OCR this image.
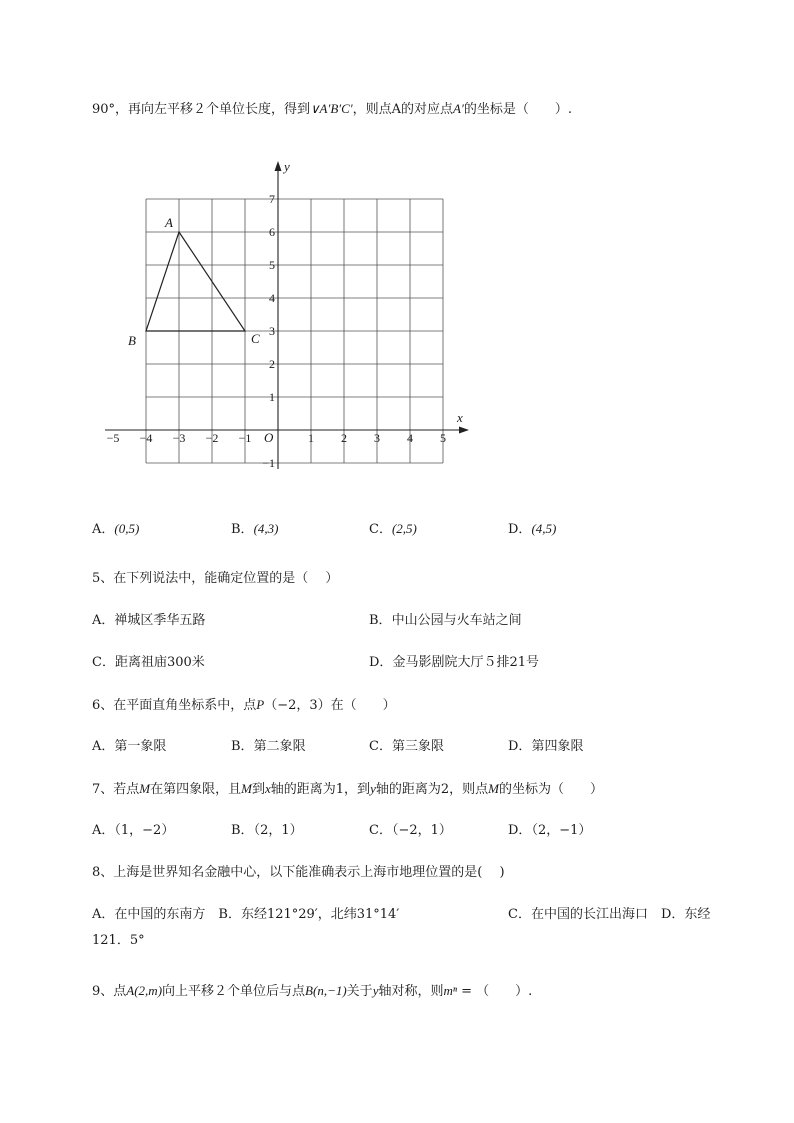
90°，再向左平移２个单位长度，得到∨A′B′C′，则点A的对应点A′的坐标是（　　）.
−5 −4 −3 −2 −1	1 2 3 4 5
7
6
5
4
3
2
1
−1
x
y
O
A
B	C
A．(0,5)	B．(4,3)	C．(2,5)	D．(4,5)
5、在下列说法中，能确定位置的是（　 ）
A．禅城区季华五路	B．中山公园与火车站之间
C．距离祖庙300米	D．金马影剧院大厅５排21号
6、在平面直角坐标系中，点P（−2，3）在（　　）
A．第一象限	B．第二象限	C．第三象限	D．第四象限
7、若点M在第四象限，且M到x轴的距离为1，到y轴的距离为2，则点M的坐标为（　　）
A．（1，−2）	B．（2，1）	C．（−2，1）	D．（2，−1）
8、上海是世界知名金融中心，以下能准确表示上海市地理位置的是(　 )
A．在中国的东南方　B．东经121°29′，北纬31°14′	C．在中国的长江出海口　D．东经
121．5°
9、点A(2,m)向上平移２个单位后与点B(n,−1)关于y轴对称，则mⁿ = （　　）.
